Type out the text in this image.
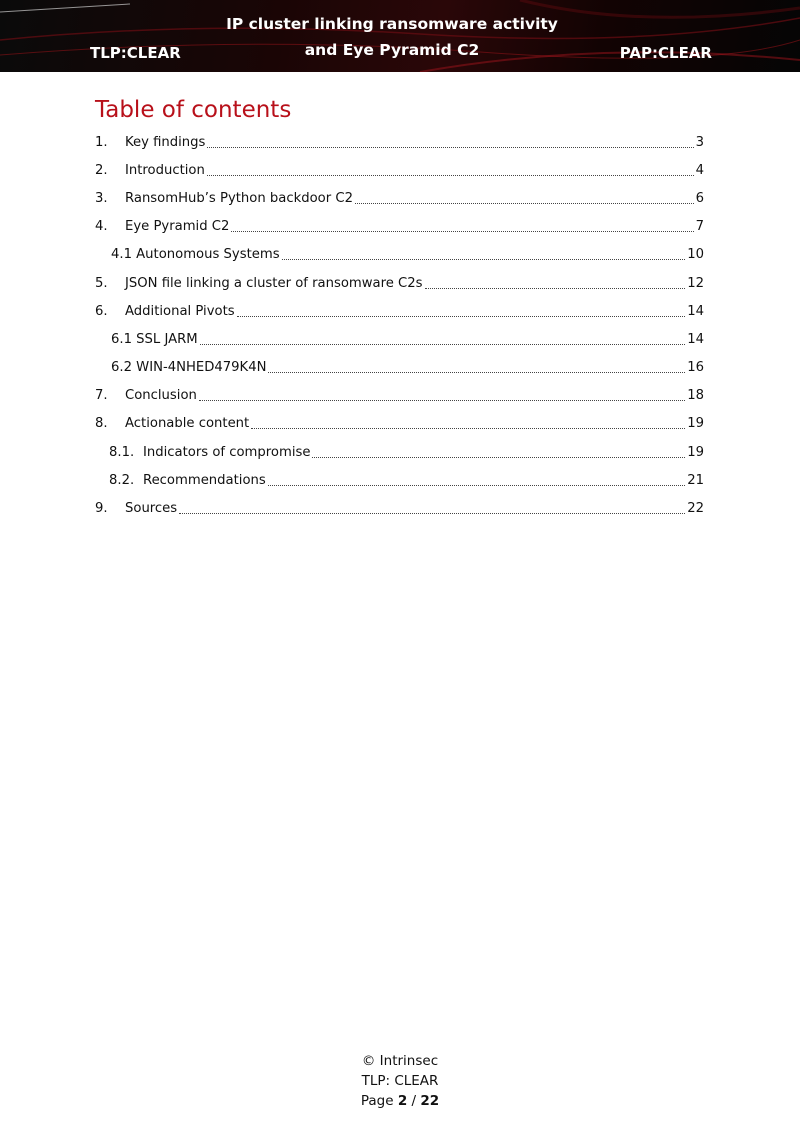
IP cluster linking ransomware activity
and Eye Pyramid C2
TLP:CLEAR	PAP:CLEAR
Table of contents
1.	Key findings	3
2.	Introduction	4
3.	RansomHub’s Python backdoor C2	6
4.	Eye Pyramid C2	7
4.1 Autonomous Systems	10
5.	JSON file linking a cluster of ransomware C2s	12
6.	Additional Pivots	14
6.1 SSL JARM	14
6.2 WIN-4NHED479K4N	16
7.	Conclusion	18
8.	Actionable content	19
8.1. Indicators of compromise	19
8.2. Recommendations	21
9.	Sources	22
© Intrinsec
TLP: CLEAR
Page 2 / 22
